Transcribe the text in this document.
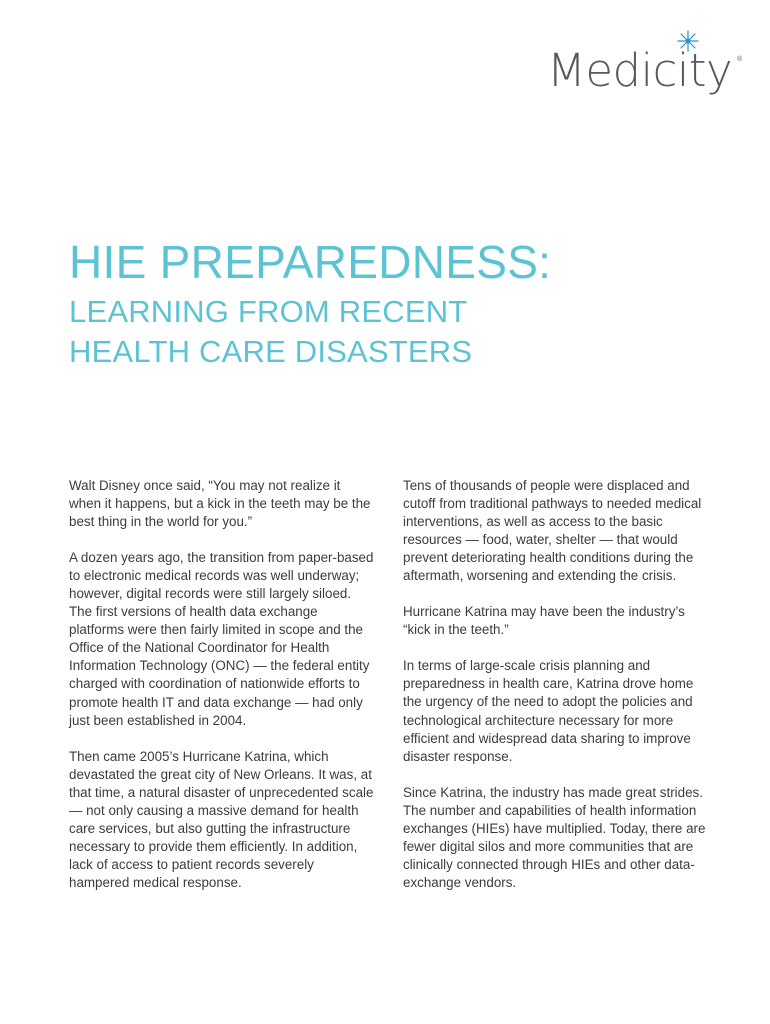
Medicity ®
HIE PREPAREDNESS:
LEARNING FROM RECENT HEALTH CARE DISASTERS

Walt Disney once said, “You may not realize it when it happens, but a kick in the teeth may be the best thing in the world for you.”

A dozen years ago, the transition from paper-based to electronic medical records was well underway; however, digital records were still largely siloed. The first versions of health data exchange platforms were then fairly limited in scope and the Office of the National Coordinator for Health Information Technology (ONC) — the federal entity charged with coordination of nationwide efforts to promote health IT and data exchange — had only just been established in 2004.

Then came 2005’s Hurricane Katrina, which devastated the great city of New Orleans. It was, at that time, a natural disaster of unprecedented scale — not only causing a massive demand for health care services, but also gutting the infrastructure necessary to provide them efficiently. In addition, lack of access to patient records severely hampered medical response.

Tens of thousands of people were displaced and cutoff from traditional pathways to needed medical interventions, as well as access to the basic resources — food, water, shelter — that would prevent deteriorating health conditions during the aftermath, worsening and extending the crisis.

Hurricane Katrina may have been the industry’s “kick in the teeth.”

In terms of large-scale crisis planning and preparedness in health care, Katrina drove home the urgency of the need to adopt the policies and technological architecture necessary for more efficient and widespread data sharing to improve disaster response.

Since Katrina, the industry has made great strides. The number and capabilities of health information exchanges (HIEs) have multiplied. Today, there are fewer digital silos and more communities that are clinically connected through HIEs and other data-exchange vendors.
